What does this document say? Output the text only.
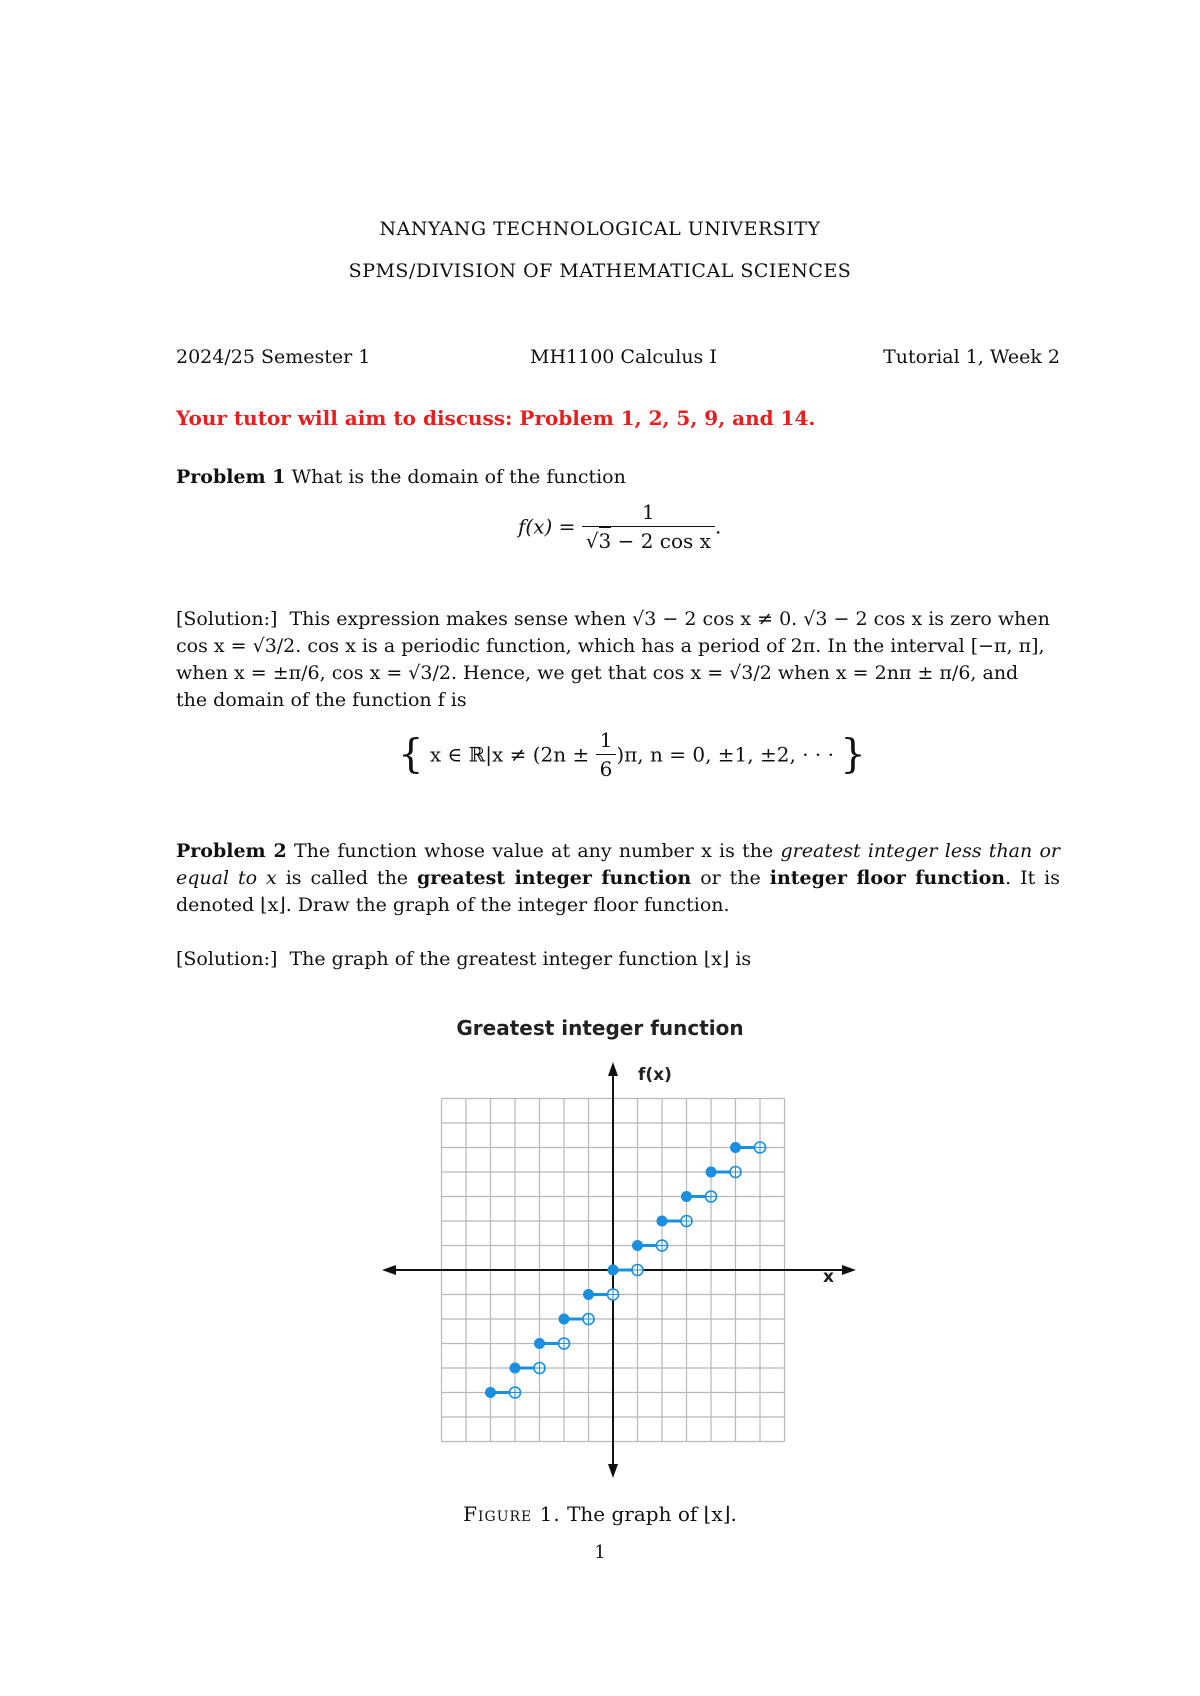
NANYANG TECHNOLOGICAL UNIVERSITY
SPMS/DIVISION OF MATHEMATICAL SCIENCES
2024/25 Semester 1	MH1100 Calculus I	Tutorial 1, Week 2
Your tutor will aim to discuss: Problem 1, 2, 5, 9, and 14.
Problem 1 What is the domain of the function
$f(x) = \frac{1}{\text{√3 − 2 cos x}}$ .
[Solution:] This expression makes sense when √3 − 2 cos x ≠ 0. √3 − 2 cos x is zero when
cos x = √3/2. cos x is a periodic function, which has a period of 2π. In the interval [−π, π],
when x = ±π/6, cos x = √3/2. Hence, we get that cos x = √3/2 when x = 2nπ ± π/6, and
the domain of the function f is
{ x ∈ ℝ|x ≠ $(2n \pm \frac{1}{6} )\pi$, n = 0, ±1, ±2, · · · }
Problem 2 The function whose value at any number x is the greatest integer less than or equal to x is called the greatest integer function or the integer floor function. It is denoted ⌊x⌋. Draw the graph of the integer floor function.
[Solution:] The graph of the greatest integer function ⌊x⌋ is
Greatest integer function
f(x)
x
Figure 1. The graph of ⌊x⌋.
1
